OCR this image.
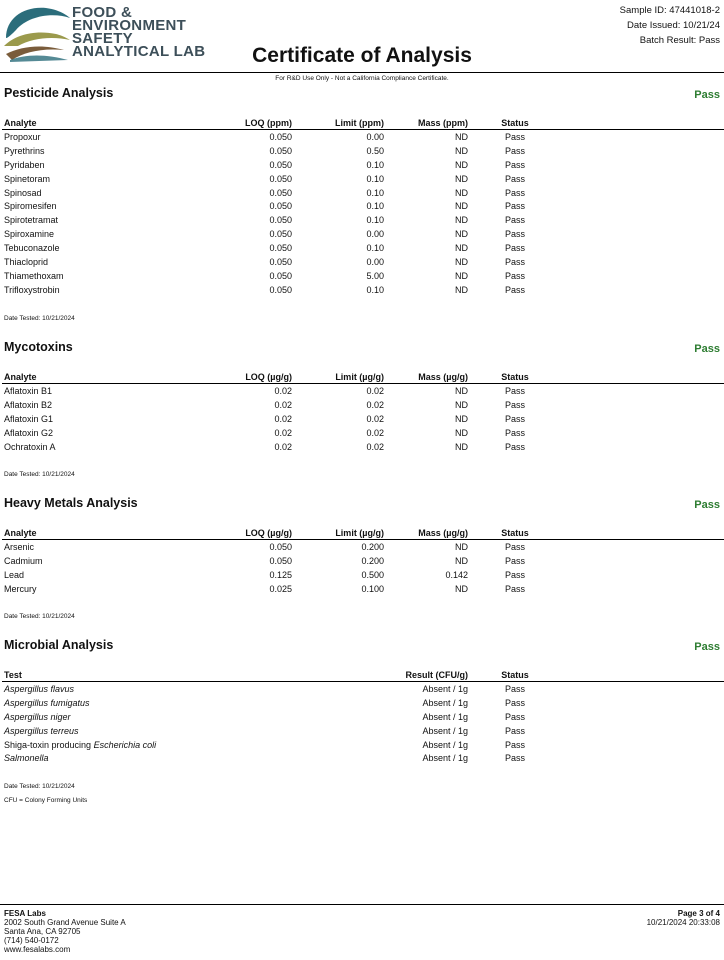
FOOD &
ENVIRONMENT
SAFETY
ANALYTICAL LAB	Certificate of Analysis
Sample ID: 47441018-2
Date Issued: 10/21/24
Batch Result: Pass
For R&D Use Only - Not a California Compliance Certificate.
Pesticide Analysis	Pass
Analyte	LOQ (ppm)	Limit (ppm)	Mass (ppm)	Status	
Propoxur	0.050	0.00	ND	Pass	
Pyrethrins	0.050	0.50	ND	Pass	
Pyridaben	0.050	0.10	ND	Pass	
Spinetoram	0.050	0.10	ND	Pass	
Spinosad	0.050	0.10	ND	Pass	
Spiromesifen	0.050	0.10	ND	Pass	
Spirotetramat	0.050	0.10	ND	Pass	
Spiroxamine	0.050	0.00	ND	Pass	
Tebuconazole	0.050	0.10	ND	Pass	
Thiacloprid	0.050	0.00	ND	Pass	
Thiamethoxam	0.050	5.00	ND	Pass	
Trifloxystrobin	0.050	0.10	ND	Pass	
Date Tested: 10/21/2024
Mycotoxins	Pass
Analyte	LOQ (µg/g)	Limit (µg/g)	Mass (µg/g)	Status	
Aflatoxin B1	0.02	0.02	ND	Pass	
Aflatoxin B2	0.02	0.02	ND	Pass	
Aflatoxin G1	0.02	0.02	ND	Pass	
Aflatoxin G2	0.02	0.02	ND	Pass	
Ochratoxin A	0.02	0.02	ND	Pass	
Date Tested: 10/21/2024
Heavy Metals Analysis	Pass
Analyte	LOQ (µg/g)	Limit (µg/g)	Mass (µg/g)	Status	
Arsenic	0.050	0.200	ND	Pass	
Cadmium	0.050	0.200	ND	Pass	
Lead	0.125	0.500	0.142	Pass	
Mercury	0.025	0.100	ND	Pass	
Date Tested: 10/21/2024
Microbial Analysis	Pass
Test	Result (CFU/g)	Status	
Aspergillus flavus	Absent / 1g	Pass	
Aspergillus fumigatus	Absent / 1g	Pass	
Aspergillus niger	Absent / 1g	Pass	
Aspergillus terreus	Absent / 1g	Pass	
Shiga-toxin producing Escherichia coli	Absent / 1g	Pass	
Salmonella	Absent / 1g	Pass	
Date Tested: 10/21/2024
CFU = Colony Forming Units
FESA Labs
2002 South Grand Avenue Suite A
Santa Ana, CA 92705
(714) 540-0172
www.fesalabs.com
Page 3 of 4
10/21/2024 20:33:08
